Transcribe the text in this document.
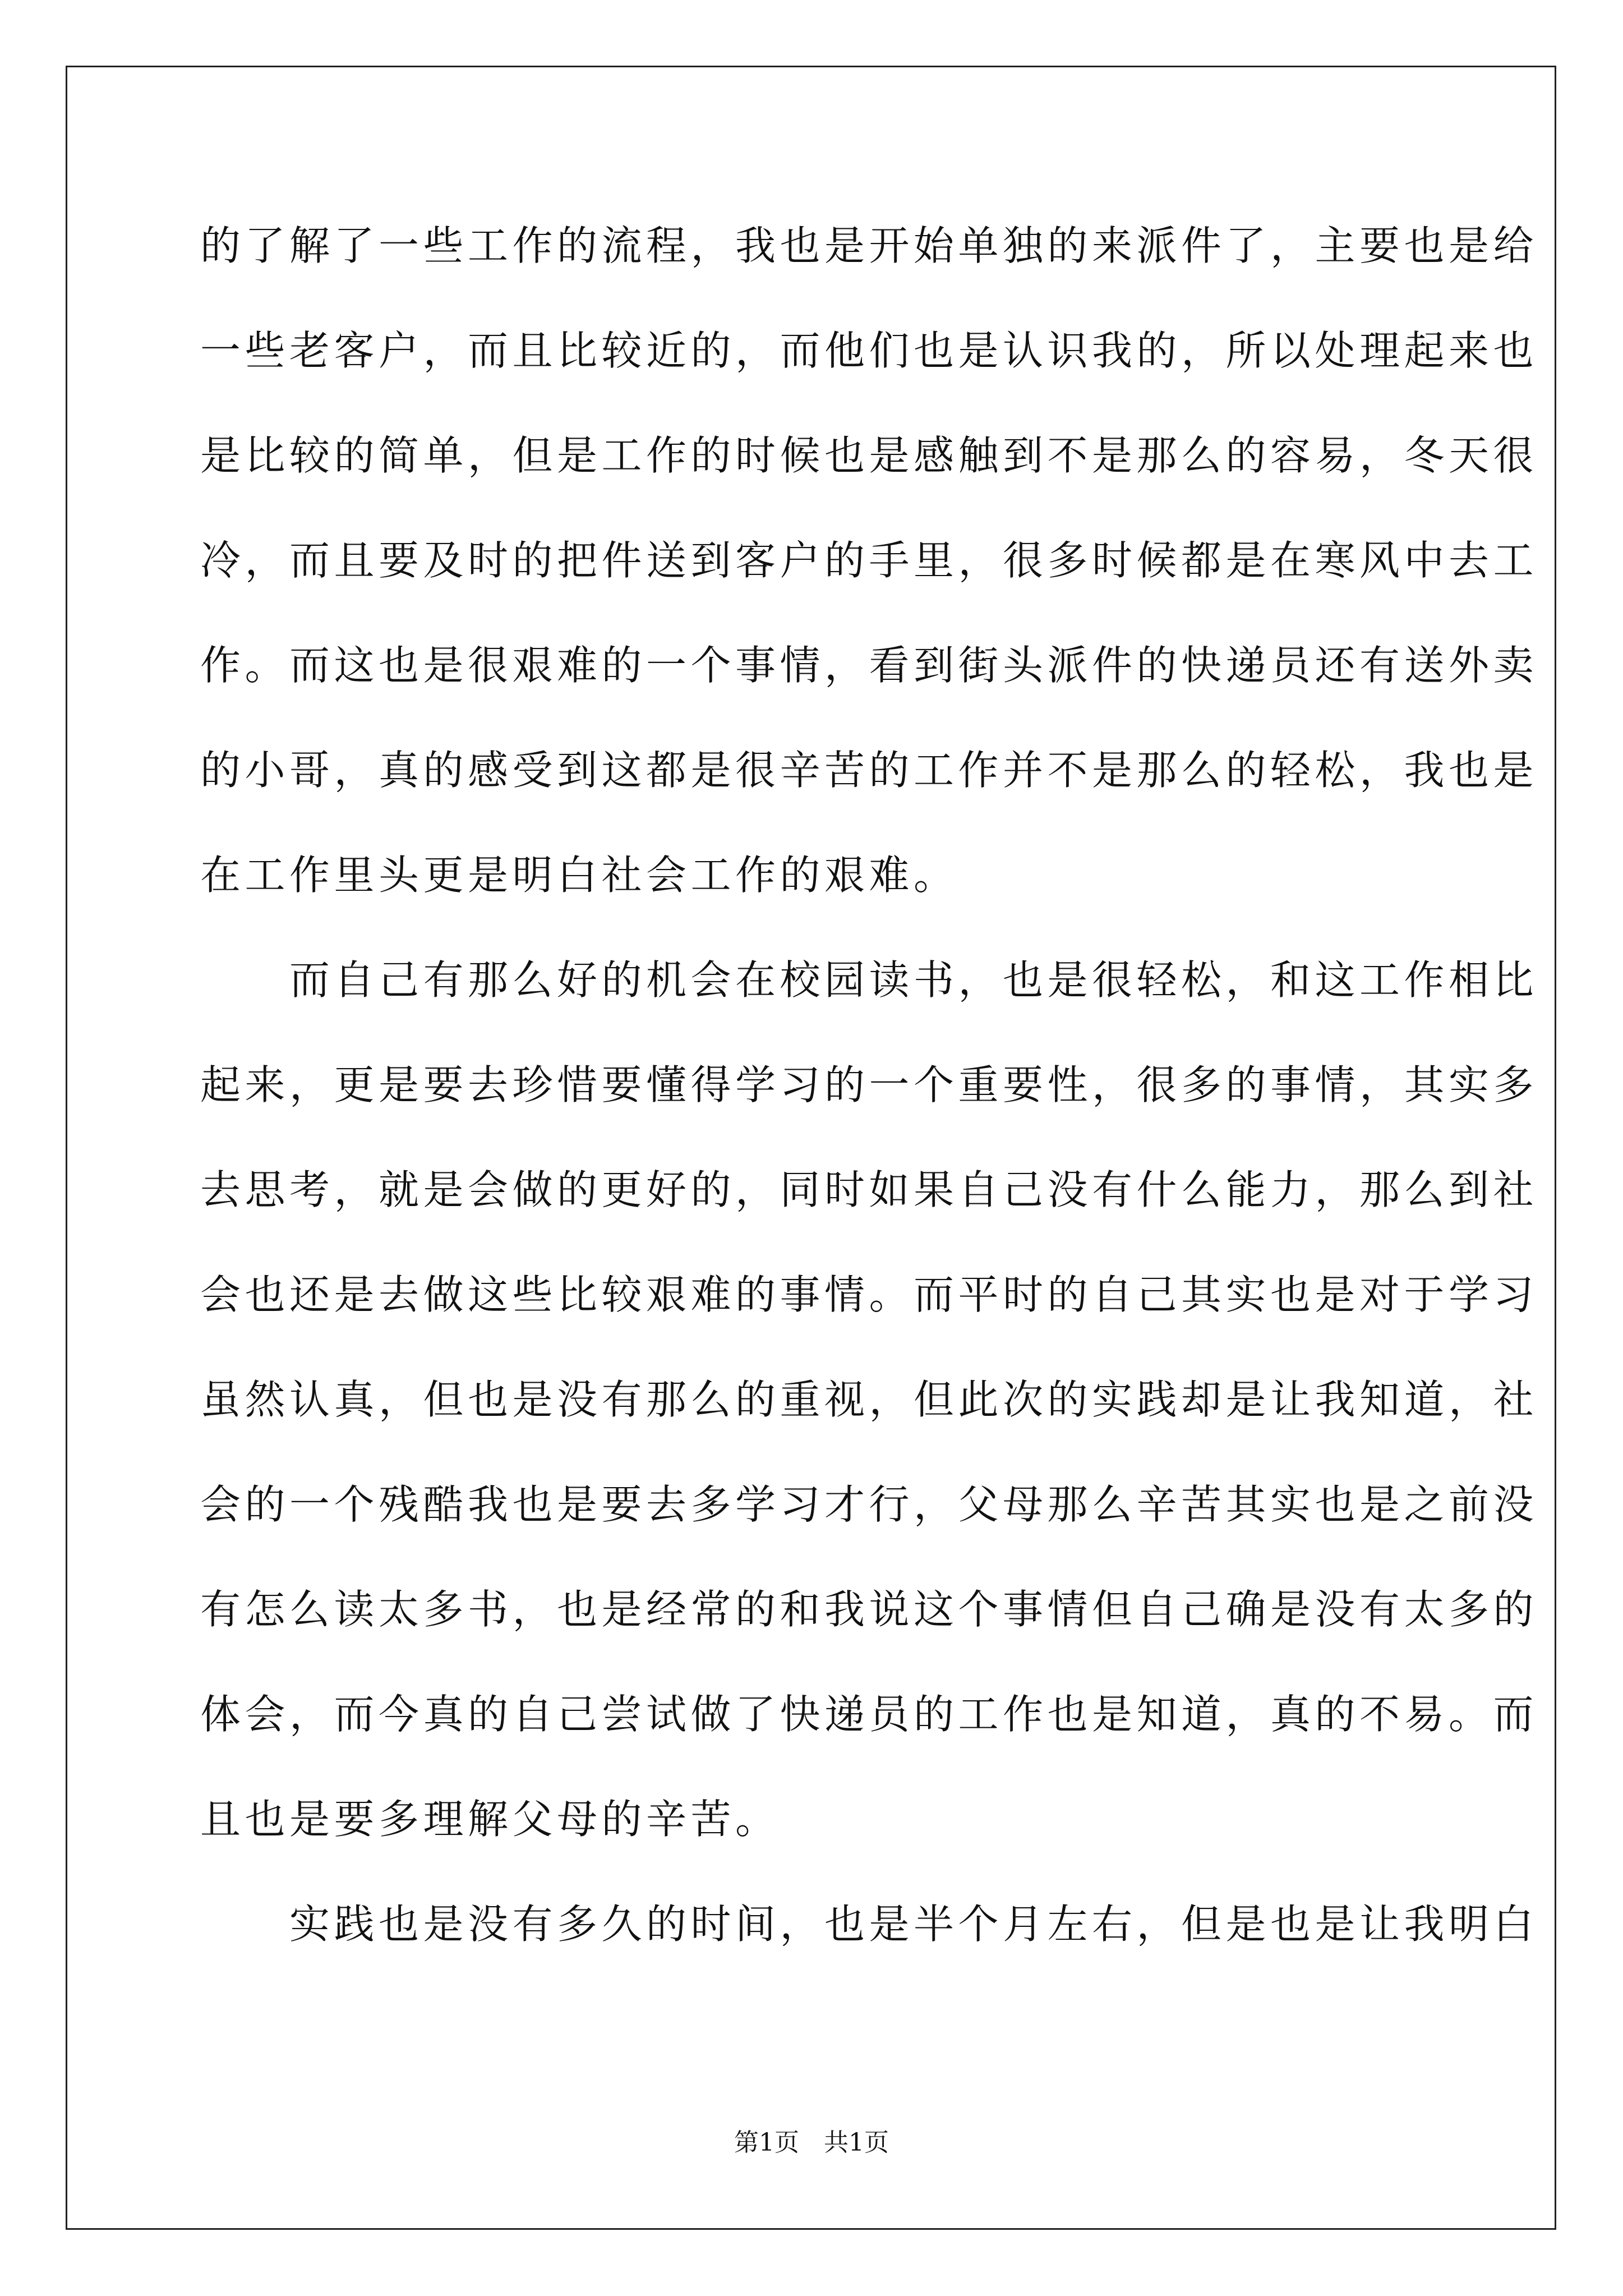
的了解了一些工作的流程，我也是开始单独的来派件了，主要也是给
一些老客户，而且比较近的，而他们也是认识我的，所以处理起来也
是比较的简单，但是工作的时候也是感触到不是那么的容易，冬天很
冷，而且要及时的把件送到客户的手里，很多时候都是在寒风中去工
作。而这也是很艰难的一个事情，看到街头派件的快递员还有送外卖
的小哥，真的感受到这都是很辛苦的工作并不是那么的轻松，我也是
在工作里头更是明白社会工作的艰难。
　　而自己有那么好的机会在校园读书，也是很轻松，和这工作相比
起来，更是要去珍惜要懂得学习的一个重要性，很多的事情，其实多
去思考，就是会做的更好的，同时如果自己没有什么能力，那么到社
会也还是去做这些比较艰难的事情。而平时的自己其实也是对于学习
虽然认真，但也是没有那么的重视，但此次的实践却是让我知道，社
会的一个残酷我也是要去多学习才行，父母那么辛苦其实也是之前没
有怎么读太多书，也是经常的和我说这个事情但自己确是没有太多的
体会，而今真的自己尝试做了快递员的工作也是知道，真的不易。而
且也是要多理解父母的辛苦。
　　实践也是没有多久的时间，也是半个月左右，但是也是让我明白
第1页　共1页
